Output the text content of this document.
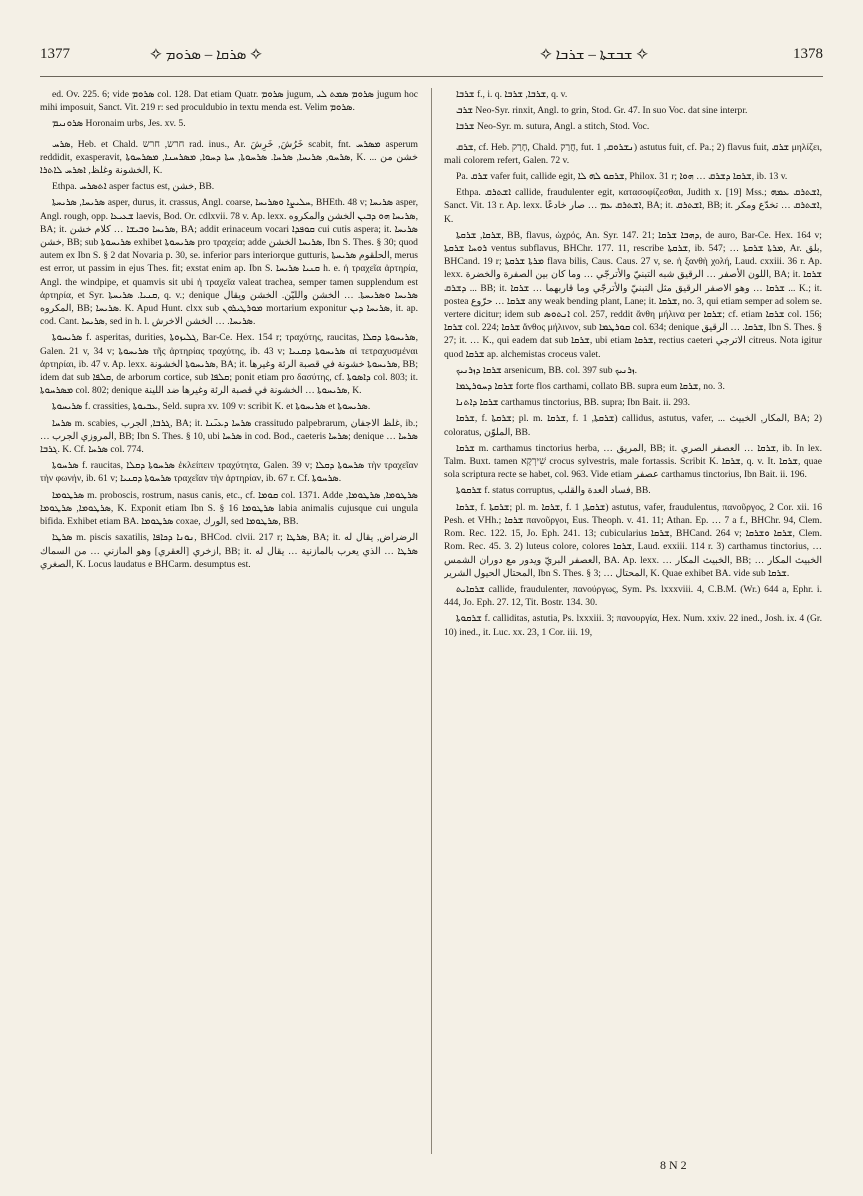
1377	✧ ܣܪܩܐ – ܣܪܘܡ ✧	✧ ܫܒܫܬܐ – ܫܪܒܐ ✧	1378

ed. Ov. 225. 6; vide ܣܪܘܡ col. 128. Dat etiam Quatr. ܣܪܘܡ jugum, ܣܪܘܡ ܣܡܬ ܠܝ jugum hoc mihi imposuit, Sanct. Vit. 219 r: sed proculdubio in textu menda est. Velim ܣܪܘܡ.

ܣܪܘܢܝܡ Horonaim urbs, Jes. xv. 5.

ܣܪܚ, Heb. et Chald. חרש, חרש rad. inus., Ar. خَرُشَ, خَرِشَ scabit, fnt. ܡܣܪܚ asperum reddidit, exasperavit, ܣܪܚܘ, ܣܪܝܚܐ, ܣܪܚܐ. ܣܪܚܘܬܐ, ܚܬܐ ܕܚܘܐ, ܡܣܪܚܢܐ, ܡܣܪܚܘܬܐ, K. ... خشن من الخشونة وغلظ, ܐܣܪܚ ܠܐܬܪܐ, K.

Ethpa. ܐܬܣܪܚ asper factus est, خشن, BB.

ܣܪܝܚܐ, ܣܪܝܚܬܐ asper, durus, it. crassus, Angl. coarse, ܚܠܝܨܐ ܘܣܪܝܚܐ, BHEth. 48 v; ܣܪܝܚܐ asper, Angl. rough, opp. ܫܥܝܥܐ laevis, Bod. Or. cdlxvii. 78 v. Ap. lexx. ܣܪܝܚܐ ܗܘ ܕܒܝܢ الخشن والمكروه, BA; it. ܣܪܝܚܐ ܘܒܝܫܐ … كلام خشن, BA; addit erinaceum vocari ܩܘܦܕܐ cui cutis aspera; it. ܣܪܝܚܐ خشن, BB; sub ܣܪܝܚܘܬܐ exhibet ܣܪܝܚܘܬܐ pro τραχεία; adde ܣܪܝܚܐ الخشن, Ibn S. Thes. § 30; quod autem ex Ibn S. § 2 dat Novaria p. 30, se. inferior pars interiorque gutturis, الحلقوم ܣܪܝܚܬܐ, merus est error, ut passim in ejus Thes. fit; exstat enim ap. Ibn S. ܩܢܝܐ ܣܪܝܚܐ h. e. ἡ τραχεῖα ἀρτηρία, Angl. the windpipe, et quamvis sit ubi ἡ τραχεῖα valeat trachea, semper tamen supplendum est ἀρτηρία, et Syr. ܩܢܝܐ. ܣܪܝܚܬܐ, q. v.; denique ܣܪܝܚܐ ܘܣܪܝܚܬܐ. … الخشن والليّن. الخشن ويقال المكروه, BB; ܣܪܝܚܐ. K. Apud Hunt. clxx sub ܡܘܪܛܝܪܘܢ mortarium exponitur ܣܪܝܚܐ ܕܝܢ, it. ap. cod. Cant. ܣܪܝܚܐ, sed in h. l. ܣܪܝܚܐ. … الخشن الاخرش.

ܣܪܝܚܘܬܐ f. asperitas, durities, ܓܠܝܙܘܬܐ, Bar-Ce. Hex. 154 r; τραχύτης, raucitas, ܣܪܝܚܘܬܐ ܕܩܠܐ, Galen. 21 v, 34 v; ܣܪܝܚܘܬܐ τῆς ἀρτηρίας τραχύτης, ib. 43 v; ܣܪܝܚܘܬܐ ܕܩܢܝܐ αἱ τετραχυσμέναι ἀρτηρίαι, ib. 47 v. Ap. lexx. ܣܪܝܚܘܬܐ الخشونة, BA; it. ܣܪܝܚܘܬܐ خشونة في قصبة الرئة وغيرها, BB; idem dat sub ܩܠܦܐ, de arborum cortice, sub ܩܠܦܐ; ponit etiam pro δασύτης, cf. ܕܐܣܘܬܐ col. 803; it. ܡܣܪܚܘܬܐ col. 802; denique ܣܪܝܚܘܬܐ … الخشونة في قصبة الرئة وغيرها ضد اللينة, K.

ܣܪܝܚܘܬܐ f. crassities, ܥܒܝܘܬܐ, Seld. supra xv. 109 v: scribit K. et ܣܪܝܚܘܬܐ et ܣܪܝܚܘܬܐ.

ܣܪܚܐ m. scabies, ܓܪܒܐ, الجرب, BA; it. ܣܪܚܐ ܕܥܝ̈ܢܐ crassitudo palpebrarum, غلظ الاجفان, ib.; … المروزي الجرب, BB; Ibn S. Thes. § 10, ubi ܣܪܚܐ in cod. Bod., caeteris ܣܪܚܐ; denique ܣܪܚܐ … ܓܪܒܐ. K. Cf. ܣܪܚܐ col. 774.

ܣܪܚܘܬܐ f. raucitas, ܣܪܚܘܬܐ ܕܩܠܐ ἐκλείπειν τραχύτητα, Galen. 39 v; ܣܪܚܘܬܐ ܕܩܠܐ τὴν τραχεῖαν τὴν φωνήν, ib. 61 v; ܣܪܚܘܬܐ ܕܩܢܝܐ τραχεῖαν τὴν ἀρτηρίαν, ib. 67 r. Cf. ܣܪܚܘܬܐ.

ܣܪܛܘܡܐ m. proboscis, rostrum, nasus canis, etc., cf. ܩܘܡܐ col. 1371. Adde ܣܪܛܘܡܐ, ܣܪܛܘܡܐ, ܣܪܛܘܡܐ, ܣܪܛܘܡܐ, K. Exponit etiam Ibn S. § 16 ܣܪܛܘܡܐ labia animalis cujusque cui ungula bifida. Exhibet etiam BA. ܣܪܛܘܡܐ coxae, الورك, sed ܣܪܛܘܡܐ, BB.

ܣܪܛܐ m. piscis saxatilis, ܢܘܢܐ ܕܟܐܦܐ, BHCod. clvii. 217 r; ܣܪܛܐ, BA; it. الرضراض, يقال له ازخري [العقري] وهو المازني … من السماك, BB; it. ܣܪܛܐ … الذي يعرب بالمازنية … يقال له الصغري, K. Locus laudatus e BHCarm. desumptus est.

ܫܪܒܐ f., i. q. ܫܪܒܐ, ܫܪܒܐ, q. v.

ܫܪܒ Neo-Syr. rinxit, Angl. to grin, Stod. Gr. 47. In suo Voc. dat sine interpr.

ܫܪܒܐ Neo-Syr. m. sutura, Angl. a stitch, Stod. Voc.

ܫܪܩ, cf. Heb. חָרַק, Chald. חֲרַק, fut. ܢܫܪܘܩ, 1) astutus fuit, cf. Pa.; 2) flavus fuit, ܫܪܩ μηλίζει, mali colorem refert, Galen. 72 v.

Pa. ܫܪܩ vafer fuit, callide egit, ܫܪܩܘ ܠܗ ܠܐ, Philox. 31 r; ܫܪܩܐ ܕܫܪܩ … ܗܘܐ, ib. 13 v.

Ethpa. ܐܫܬܪܩ callide, fraudulenter egit, κατασοφίζεσθαι, Judith x. [19] Mss.; ܐܫܬܪܩ ܥܡܗ, Sanct. Vit. 13 r. Ap. lexx. ܐܫܬܪܩ ܥܡ … صار خادعًا, BA; it. ܐܫܬܪܩ, BB; it. ܐܫܬܪܩ … تخدّع ومكر, K.

ܫܪܩܐ, ܫܪܩܬܐ, BB, flavus, ὠχρός, An. Syr. 147. 21; ܕܗܒܐ ܫܪܩܐ, de auro, Bar-Ce. Hex. 164 v; ܪܘܚܐ ܫܪܩܬܐ ventus subflavus, BHChr. 177. 11, rescribe ܫܪܩܬܐ, ib. 547; … ܡܪܬܐ ܫܪܩܬܐ, Ar. بلق, BHCand. 19 r; ܡܪܬܐ ܫܪܩܬܐ flava bilis, Caus. Caus. 27 v, se. ἡ ξανθὴ χολή, Laud. cxxiii. 36 r. Ap. lexx. اللون الأصفر … الرقيق شبه التبنيّ والأترجّي … وما كان بين الصفرة والخضرة, BA; it. ܫܪܩܐ ܕܫܪܩ ... BB; it. ܫܪܩܐ … وهو الاصفر الرقيق مثل التبنيّ والأترجّي وما قاربهما … ܫܪܩܐ ... K.; it. postea ܫܪܩܐ … حرّوع any weak bending plant, Lane; it. ܫܪܩܐ, no. 3, qui etiam semper ad solem se. vertere dicitur; idem sub ܐܢܬܘܣ col. 257, reddit ἄνθη μήλινα per ܫܪܩܐ; cf. etiam ܫܪܩܐ col. 156; ܫܪܩܐ col. 224; ܫܪܩܐ ἄνθος μήλινον, sub ܩܘܪܛܡܐ col. 634; denique ܫܪܩܐ. … الرقيق, Ibn S. Thes. § 27; it. … K., qui eadem dat sub ܫܪܩܐ, ubi etiam ܫܪܩܐ, rectius caeteri الاترجي citreus. Nota igitur quod ܫܪܩܐ ap. alchemistas croceus valet.

ܫܪܩܐ ܕܙܪܢܝܟ arsenicum, BB. col. 397 sub ܙܪܢܝܟ.

ܫܪܩܐ ܕܚܘܪܛܡܐ forte flos carthami, collato BB. supra eum ܫܪܩܐ, no. 3.

ܫܪܩܐ ܕܐܬܢܐ carthamus tinctorius, BB. supra; Ibn Bait. ii. 293.

ܫܪܩܐ, f. ܫܪܩܬܐ; pl. m. ܫܪܩܐ, f. ܫܪܩܬܐ, 1) callidus, astutus, vafer, ... المكار, الخبيث, BA; 2) coloratus, الملوّن, BB.

ܫܪܩܐ m. carthamus tinctorius herba, … المريق, BB; it. ܫܪܩܐ … العصفر الصري, ib. In lex. Talm. Buxt. tamen שִׁירְקָא crocus sylvestris, male fortassis. Scribit K. ܫܪܩܐ, q. v. It. ܫܪܩܐ, quae sola scriptura recte se habet, col. 963. Vide etiam عصفر carthamus tinctorius, Ibn Bait. ii. 196.

ܫܪܩܘܬܐ f. status corruptus, فساد العدة والقلب, BB.

ܫܪܩܐ, f. ܫܪܩܬܐ; pl. m. ܫܪܩܐ, f. ܫܪܩܬܐ, 1) astutus, vafer, fraudulentus, πανοῦργος, 2 Cor. xii. 16 Pesh. et VHh.; ܫܪܩܐ πανοῦργοι, Eus. Theoph. v. 41. 11; Athan. Ep. … 7 a f., BHChr. 94, Clem. Rom. Rec. 122. 15, Jo. Eph. 241. 13; cubicularius ܫܪܩܐ, BHCand. 264 v; ܫܪܩܐ ܘܫܪܩܐ, Clem. Rom. Rec. 45. 3. 2) luteus colore, colores ܫܪܩܐ, Laud. exxiii. 114 r. 3) carthamus tinctorius, … العصفر البريّ ويدور مع دوران الشمس, BA. Ap. lexx. … الخبيث المكار, BB; … الخبيث المكار المحتال الحيول الشرير, Ibn S. Thes. § 3; … المحتال, K. Quae exhibet BA. vide sub ܫܪܩܐ.

ܫܪܩܐܝܬ callide, fraudulenter, πανούργως, Sym. Ps. lxxxviii. 4, C.B.M. (Wr.) 644 a, Ephr. i. 444, Jo. Eph. 27. 12, Tit. Bostr. 134. 30.

ܫܪܩܘܬܐ f. calliditas, astutia, Ps. lxxxiii. 3; πανουργία, Hex. Num. xxiv. 22 ined., Josh. ix. 4 (Gr. 10) ined., it. Luc. xx. 23, 1 Cor. iii. 19,

8 N 2
